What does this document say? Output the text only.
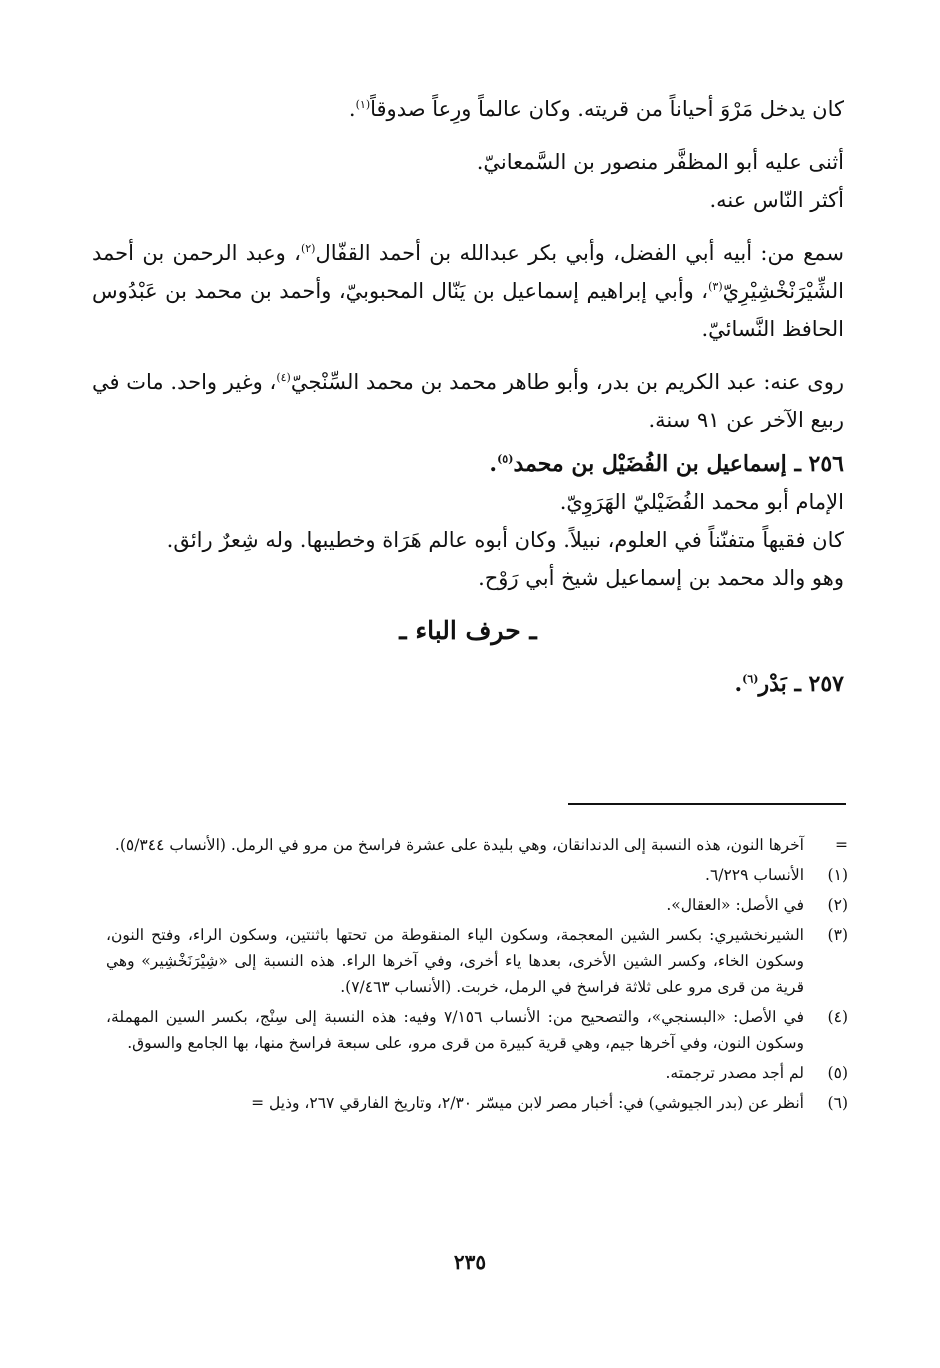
كان يدخل مَرْوَ أحياناً من قريته. وكان عالماً ورِعاً صدوقاً$^{(١)}$.

أثنى عليه أبو المظفَّر منصور بن السَّمعانيّ.

أكثر النّاس عنه.

سمع من: أبيه أبي الفضل، وأبي بكر عبدالله بن أحمد القفّال$^{(٢)}$، وعبد الرحمن بن أحمد الشِّيْرَنْخْشِيْرِيّ$^{(٣)}$، وأبي إبراهيم إسماعيل بن يَنّال المحبوبيّ، وأحمد بن محمد بن عَبْدُوس الحافظ النَّسائيّ.

روى عنه: عبد الكريم بن بدر، وأبو طاهر محمد بن محمد السِّنْجيّ$^{(٤)}$، وغير واحد. مات في ربيع الآخر عن ٩١ سنة.

٢٥٦ ـ إسماعيل بن الفُضَيْل بن محمد$^{(٥)}$.

الإمام أبو محمد الفُضَيْليّ الهَرَوِيّ.

كان فقيهاً متفنّناً في العلوم، نبيلاً. وكان أبوه عالم هَرَاة وخطيبها. وله شِعرٌ رائق.

وهو والد محمد بن إسماعيل شيخ أبي رَوْح.

ـ حرف الباء ـ

٢٥٧ ـ بَدْر$^{(٦)}$.

=
آخرها النون، هذه النسبة إلى الدندانقان، وهي بليدة على عشرة فراسخ من مرو في الرمل. (الأنساب ٥/٣٤٤).
(١)
الأنساب ٦/٢٢٩.
(٢)
في الأصل: «العقال».
(٣)
الشيرنخشيري: بكسر الشين المعجمة، وسكون الياء المنقوطة من تحتها باثنتين، وسكون الراء، وفتح النون، وسكون الخاء، وكسر الشين الأخرى، بعدها ياء أخرى، وفي آخرها الراء. هذه النسبة إلى «شِيْرَنَخْشِير» وهي قرية من قرى مرو على ثلاثة فراسخ في الرمل، خربت. (الأنساب ٧/٤٦٣).
(٤)
في الأصل: «البسنجي»، والتصحيح من: الأنساب ٧/١٥٦ وفيه: هذه النسبة إلى سِنْج، بكسر السين المهملة، وسكون النون، وفي آخرها جيم، وهي قرية كبيرة من قرى مرو، على سبعة فراسخ منها، بها الجامع والسوق.
(٥)
لم أجد مصدر ترجمته.
(٦)
أنظر عن (بدر الجيوشي) في: أخبار مصر لابن ميسّر ٢/٣٠، وتاريخ الفارقي ٢٦٧، وذيل =
٢٣٥
